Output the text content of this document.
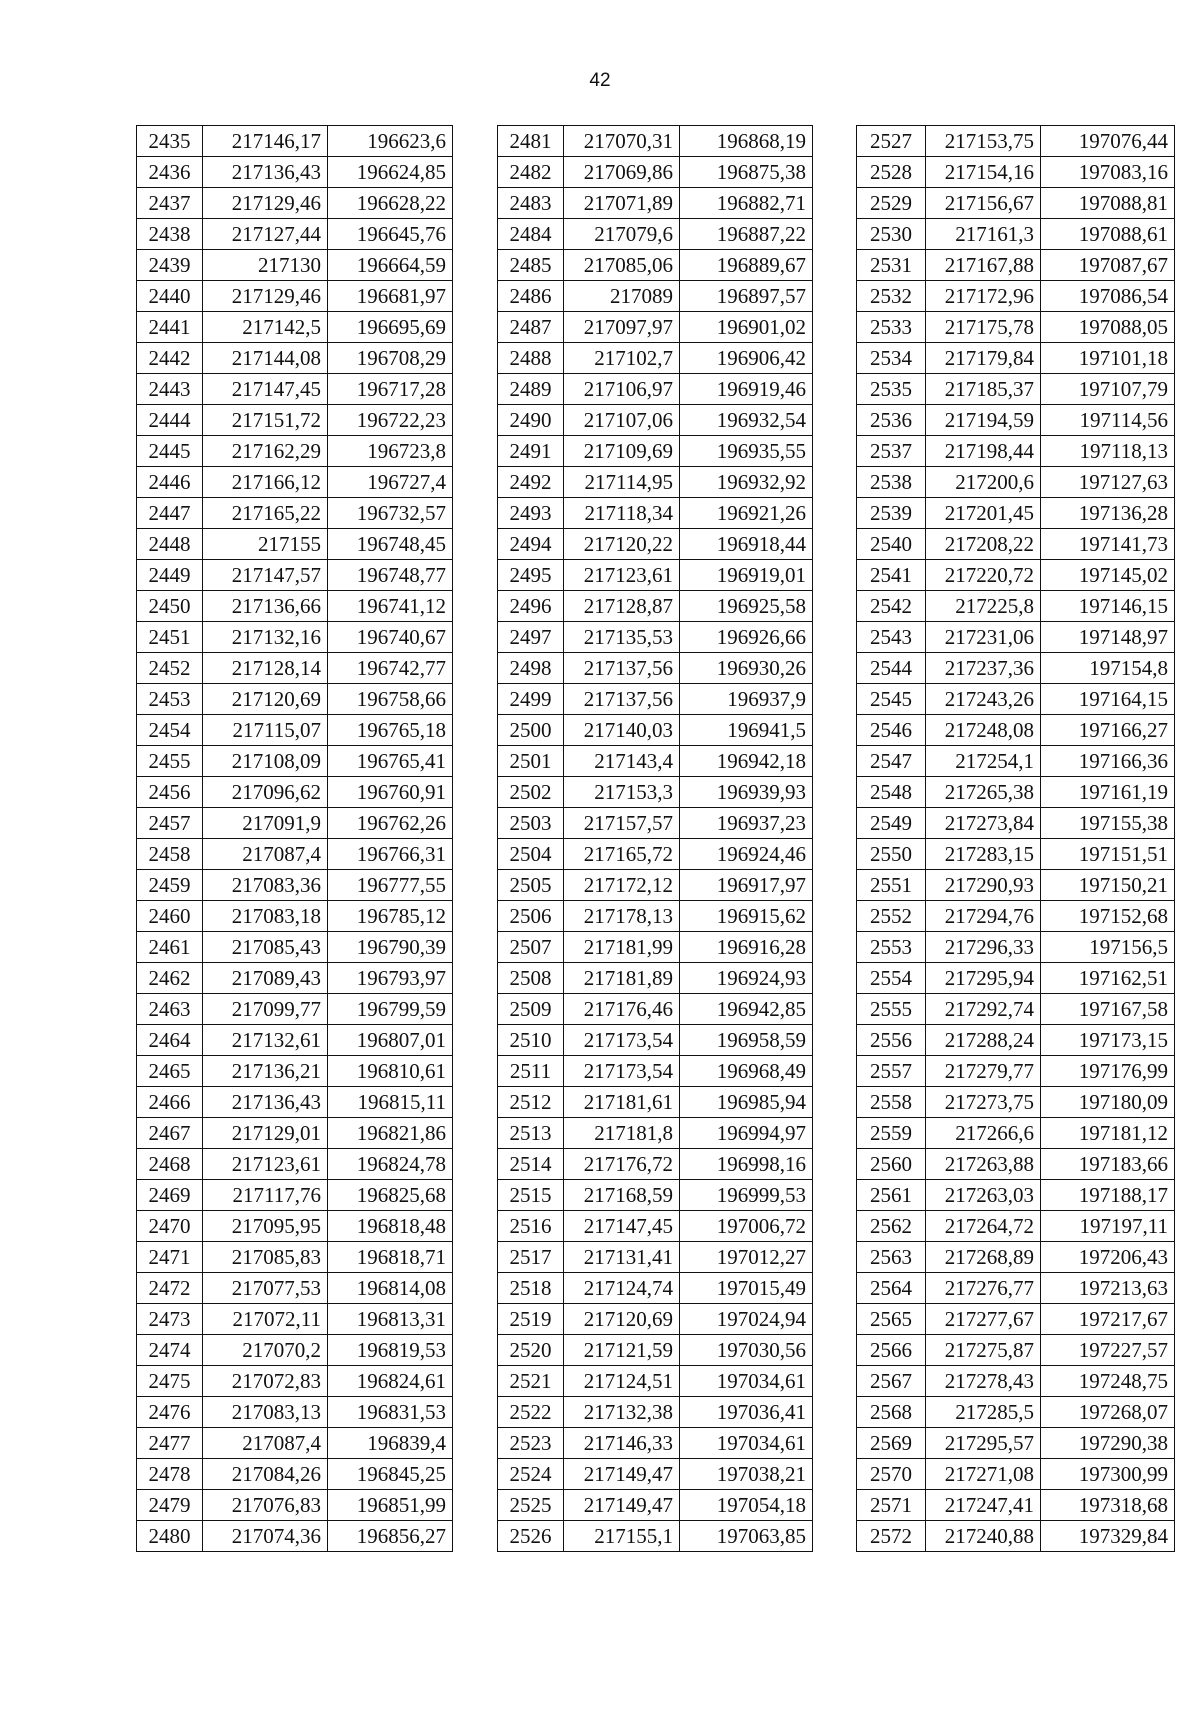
42
2435	217146,17	196623,6
2436	217136,43	196624,85
2437	217129,46	196628,22
2438	217127,44	196645,76
2439	217130	196664,59
2440	217129,46	196681,97
2441	217142,5	196695,69
2442	217144,08	196708,29
2443	217147,45	196717,28
2444	217151,72	196722,23
2445	217162,29	196723,8
2446	217166,12	196727,4
2447	217165,22	196732,57
2448	217155	196748,45
2449	217147,57	196748,77
2450	217136,66	196741,12
2451	217132,16	196740,67
2452	217128,14	196742,77
2453	217120,69	196758,66
2454	217115,07	196765,18
2455	217108,09	196765,41
2456	217096,62	196760,91
2457	217091,9	196762,26
2458	217087,4	196766,31
2459	217083,36	196777,55
2460	217083,18	196785,12
2461	217085,43	196790,39
2462	217089,43	196793,97
2463	217099,77	196799,59
2464	217132,61	196807,01
2465	217136,21	196810,61
2466	217136,43	196815,11
2467	217129,01	196821,86
2468	217123,61	196824,78
2469	217117,76	196825,68
2470	217095,95	196818,48
2471	217085,83	196818,71
2472	217077,53	196814,08
2473	217072,11	196813,31
2474	217070,2	196819,53
2475	217072,83	196824,61
2476	217083,13	196831,53
2477	217087,4	196839,4
2478	217084,26	196845,25
2479	217076,83	196851,99
2480	217074,36	196856,27
2481	217070,31	196868,19
2482	217069,86	196875,38
2483	217071,89	196882,71
2484	217079,6	196887,22
2485	217085,06	196889,67
2486	217089	196897,57
2487	217097,97	196901,02
2488	217102,7	196906,42
2489	217106,97	196919,46
2490	217107,06	196932,54
2491	217109,69	196935,55
2492	217114,95	196932,92
2493	217118,34	196921,26
2494	217120,22	196918,44
2495	217123,61	196919,01
2496	217128,87	196925,58
2497	217135,53	196926,66
2498	217137,56	196930,26
2499	217137,56	196937,9
2500	217140,03	196941,5
2501	217143,4	196942,18
2502	217153,3	196939,93
2503	217157,57	196937,23
2504	217165,72	196924,46
2505	217172,12	196917,97
2506	217178,13	196915,62
2507	217181,99	196916,28
2508	217181,89	196924,93
2509	217176,46	196942,85
2510	217173,54	196958,59
2511	217173,54	196968,49
2512	217181,61	196985,94
2513	217181,8	196994,97
2514	217176,72	196998,16
2515	217168,59	196999,53
2516	217147,45	197006,72
2517	217131,41	197012,27
2518	217124,74	197015,49
2519	217120,69	197024,94
2520	217121,59	197030,56
2521	217124,51	197034,61
2522	217132,38	197036,41
2523	217146,33	197034,61
2524	217149,47	197038,21
2525	217149,47	197054,18
2526	217155,1	197063,85
2527	217153,75	197076,44
2528	217154,16	197083,16
2529	217156,67	197088,81
2530	217161,3	197088,61
2531	217167,88	197087,67
2532	217172,96	197086,54
2533	217175,78	197088,05
2534	217179,84	197101,18
2535	217185,37	197107,79
2536	217194,59	197114,56
2537	217198,44	197118,13
2538	217200,6	197127,63
2539	217201,45	197136,28
2540	217208,22	197141,73
2541	217220,72	197145,02
2542	217225,8	197146,15
2543	217231,06	197148,97
2544	217237,36	197154,8
2545	217243,26	197164,15
2546	217248,08	197166,27
2547	217254,1	197166,36
2548	217265,38	197161,19
2549	217273,84	197155,38
2550	217283,15	197151,51
2551	217290,93	197150,21
2552	217294,76	197152,68
2553	217296,33	197156,5
2554	217295,94	197162,51
2555	217292,74	197167,58
2556	217288,24	197173,15
2557	217279,77	197176,99
2558	217273,75	197180,09
2559	217266,6	197181,12
2560	217263,88	197183,66
2561	217263,03	197188,17
2562	217264,72	197197,11
2563	217268,89	197206,43
2564	217276,77	197213,63
2565	217277,67	197217,67
2566	217275,87	197227,57
2567	217278,43	197248,75
2568	217285,5	197268,07
2569	217295,57	197290,38
2570	217271,08	197300,99
2571	217247,41	197318,68
2572	217240,88	197329,84
